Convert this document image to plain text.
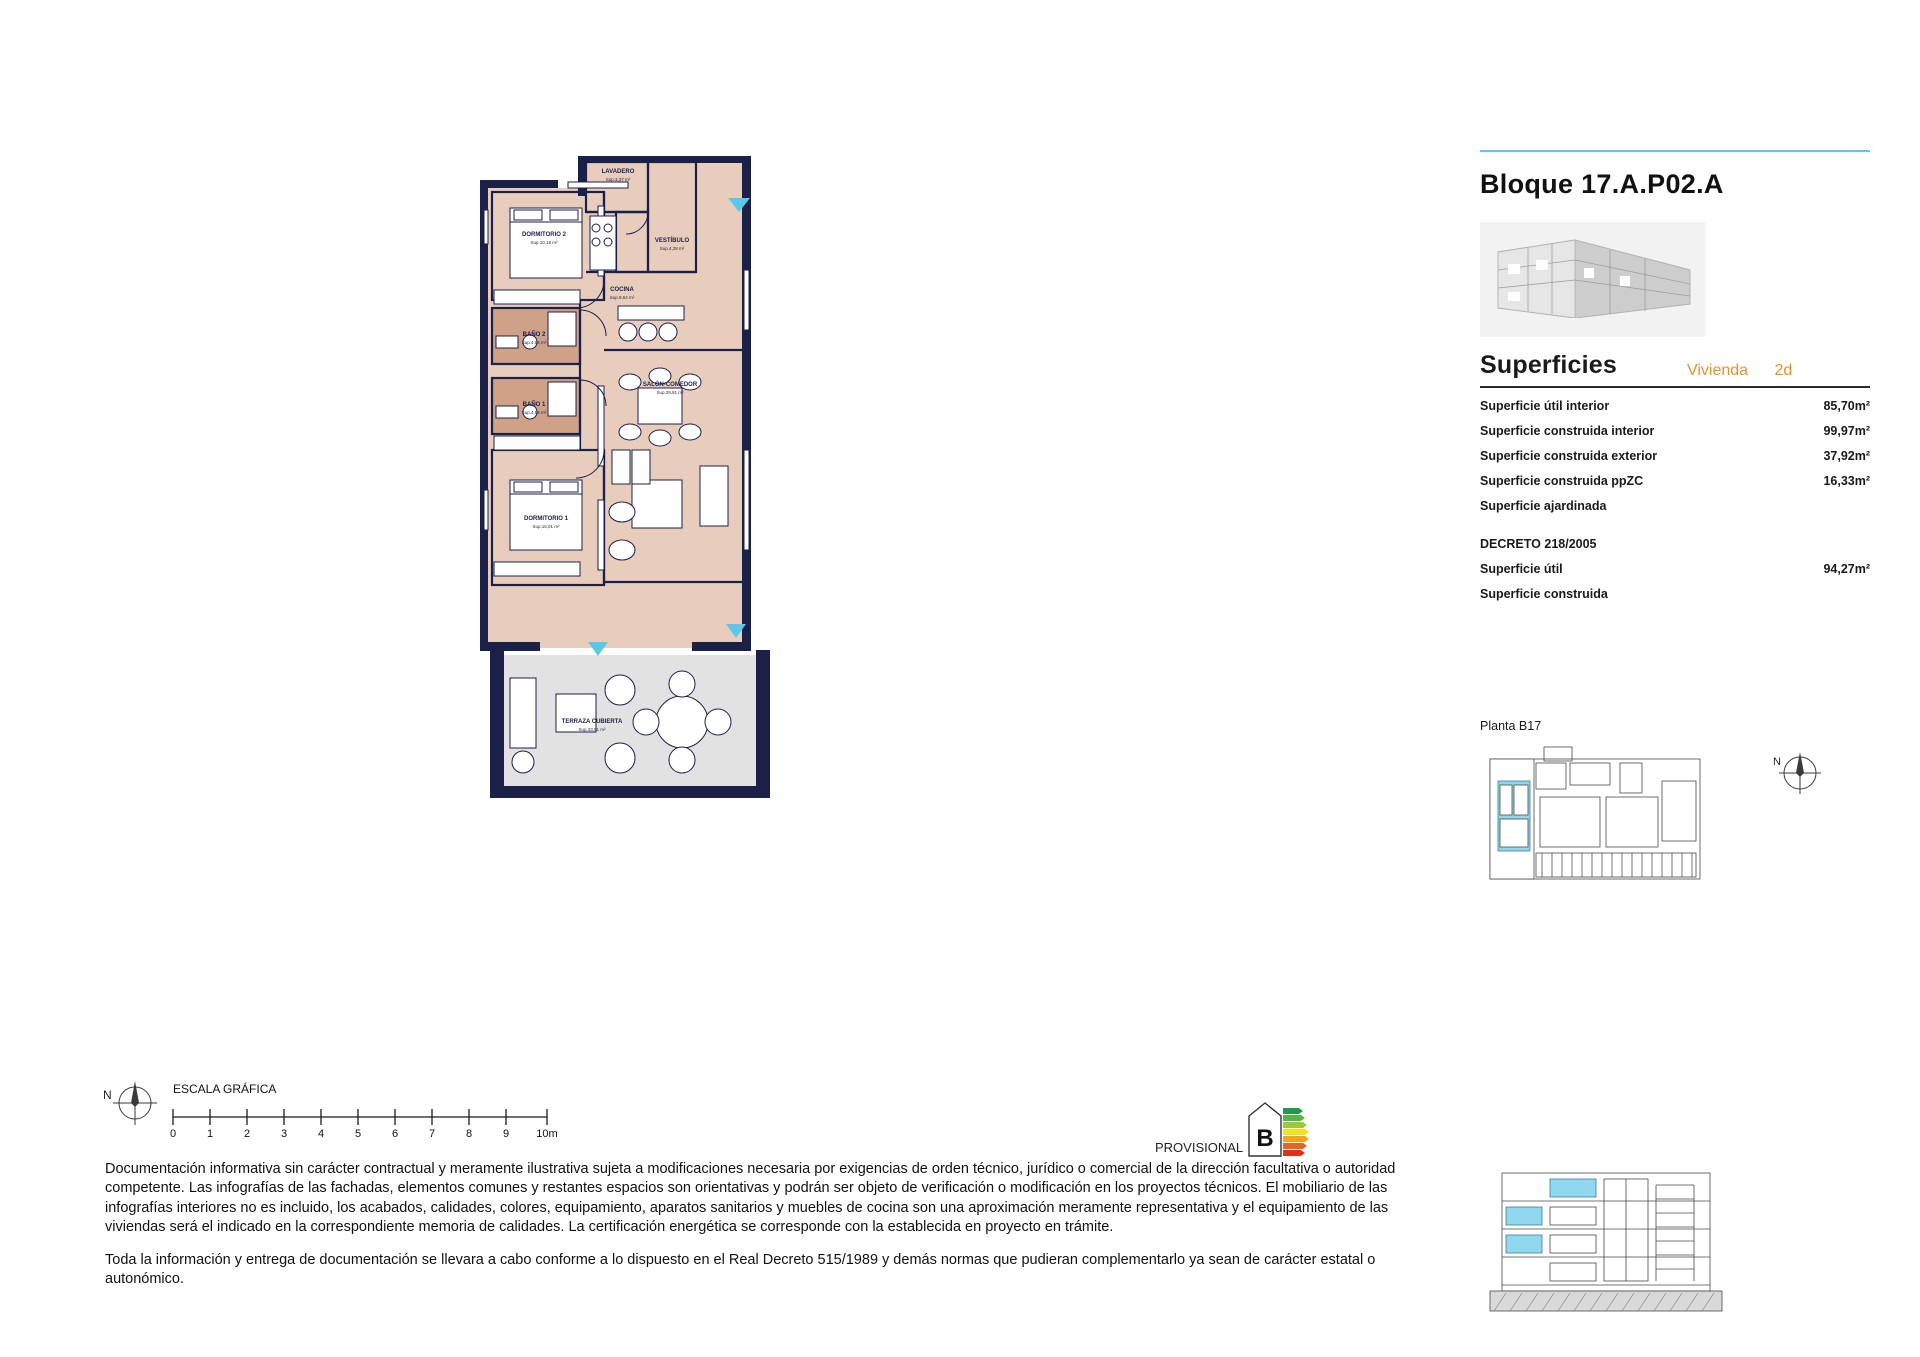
LAVADERO
Sup.3,37 m²
VESTÍBULO
Sup.4,28 m²
COCINA
Sup.9,64 m²
DORMITORIO 2
Sup.10,18 m²
BAÑO 2
Sup.4,94 m²
BAÑO 1
Sup.4,94 m²
DORMITORIO 1
Sup.15,01 m²
SALÓN-COMEDOR
Sup.29,91 m²
TERRAZA CUBIERTA
Sup.33,51 m²
Bloque 17.A.P02.A
Superficies	Vivienda 2d
Superficie útil interior	85,70m²
Superficie construida interior	99,97m²
Superficie construida exterior	37,92m²
Superficie construida ppZC	16,33m²
Superficie ajardinada
DECRETO 218/2005
Superficie útil	94,27m²
Superficie construida
Planta B17
N
N
0	1	2	3	4	5	6	7	8	9 10m
ESCALA GRÁFICA
PROVISIONAL B

Documentación informativa sin carácter contractual y meramente ilustrativa sujeta a modificaciones necesaria por exigencias de orden técnico, jurídico o comercial de la dirección facultativa o autoridad competente. Las infografías de las fachadas, elementos comunes y restantes espacios son orientativas y podrán ser objeto de verificación o modificación en los proyectos técnicos. El mobiliario de las infografías interiores no es incluido, los acabados, calidades, colores, equipamiento, aparatos sanitarios y muebles de cocina son una aproximación meramente representativa y el equipamiento de las viviendas será el indicado en la correspondiente memoria de calidades. La certificación energética se corresponde con la establecida en proyecto en trámite.

Toda la información y entrega de documentación se llevara a cabo conforme a lo dispuesto en el Real Decreto 515/1989 y demás normas que pudieran complementarlo ya sean de carácter estatal o autonómico.
